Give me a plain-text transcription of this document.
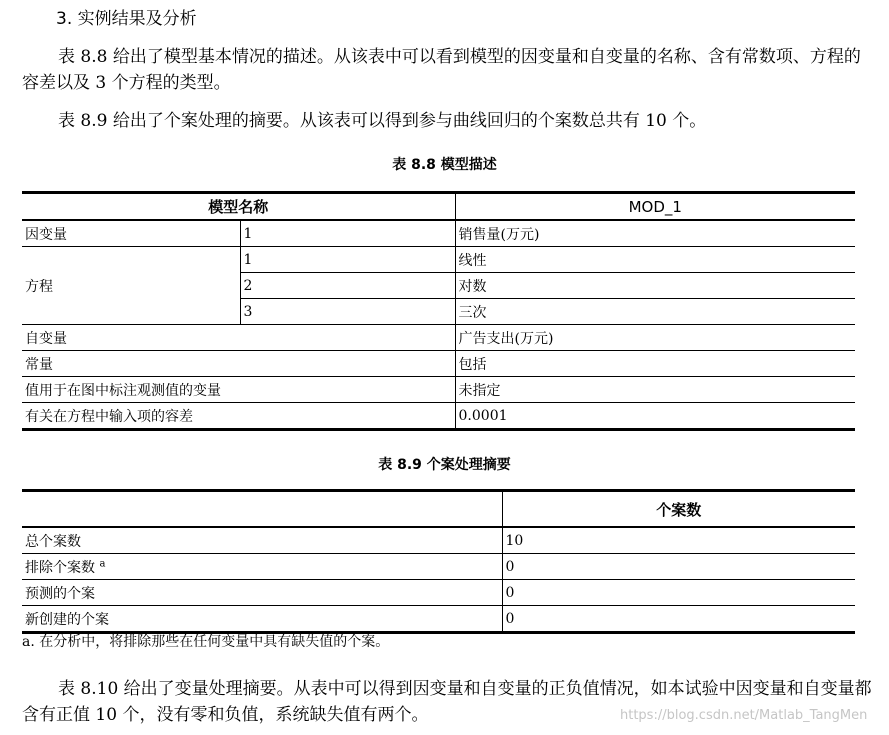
3. 实例结果及分析

表 8.8 给出了模型基本情况的描述。从该表中可以看到模型的因变量和自变量的名称、含有常数项、方程的容差以及 3 个方程的类型。

表 8.9 给出了个案处理的摘要。从该表可以得到参与曲线回归的个案数总共有 10 个。

表 8.8 模型描述
模型名称		MOD_1
因变量	1	销售量(万元)
方程	1	线性
	2	对数
	3	三次
自变量		广告支出(万元)
常量		包括
值用于在图中标注观测值的变量		未指定
有关在方程中输入项的容差		0.0001
表 8.9 个案处理摘要
	个案数
总个案数	10
排除个案数 $^a$	0
预测的个案	0
新创建的个案	0
a. 在分析中，将排除那些在任何变量中具有缺失值的个案。

表 8.10 给出了变量处理摘要。从表中可以得到因变量和自变量的正负值情况，如本试验中因变量和自变量都含有正值 10 个，没有零和负值，系统缺失值有两个。	https://blog.csdn.net/Matlab_TangMen
